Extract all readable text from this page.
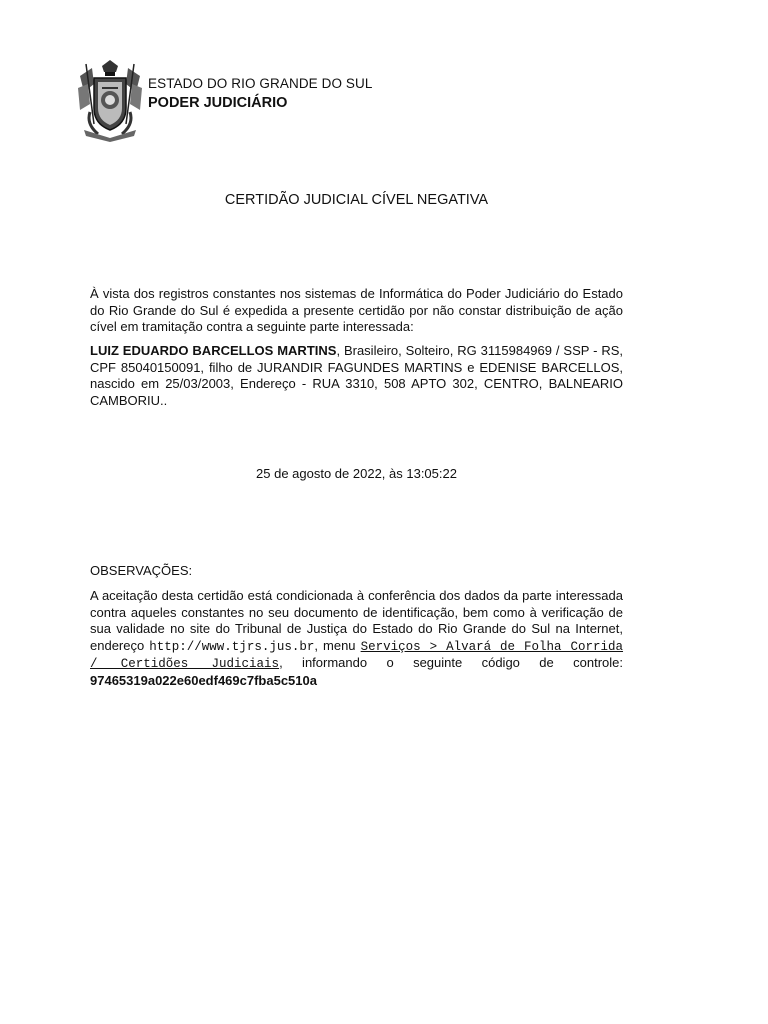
ESTADO DO RIO GRANDE DO SUL
PODER JUDICIÁRIO
CERTIDÃO JUDICIAL CÍVEL NEGATIVA
À vista dos registros constantes nos sistemas de Informática do Poder Judiciário do Estado do Rio Grande do Sul é expedida a presente certidão por não constar distribuição de ação cível em tramitação contra a seguinte parte interessada:
LUIZ EDUARDO BARCELLOS MARTINS, Brasileiro, Solteiro, RG 3115984969 / SSP - RS, CPF 85040150091, filho de JURANDIR FAGUNDES MARTINS e EDENISE BARCELLOS, nascido em 25/03/2003, Endereço - RUA 3310, 508 APTO 302, CENTRO, BALNEARIO CAMBORIU..
25 de agosto de 2022, às 13:05:22
OBSERVAÇÕES:
A aceitação desta certidão está condicionada à conferência dos dados da parte interessada contra aqueles constantes no seu documento de identificação, bem como à verificação de sua validade no site do Tribunal de Justiça do Estado do Rio Grande do Sul na Internet, endereço http://www.tjrs.jus.br, menu Serviços > Alvará de Folha Corrida / Certidões Judiciais, informando o seguinte código de controle: 97465319a022e60edf469c7fba5c510a
